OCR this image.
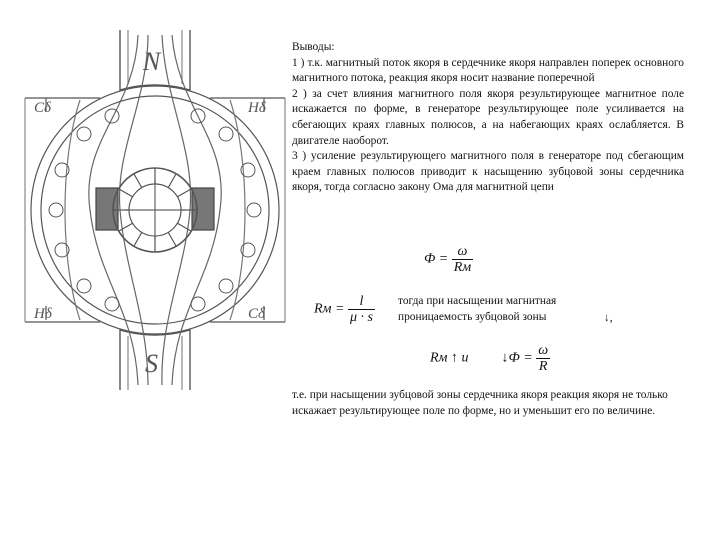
N
S
Сδ	Нδ
Нδ	Сδ

Выводы:

1 ) т.к. магнитный поток якоря в сердечнике якоря направлен поперек основного магнитного потока, реакция якоря носит название поперечной

2 ) за счет влияния магнитного поля якоря результирующее магнитное поле искажается по форме, в генераторе результирующее поле усиливается на сбегающих краях главных полюсов, а на набегающих краях ослабляется. В двигателе наоборот.

3 ) усиление результирующего магнитного поля в генераторе под сбегающим краем главных полюсов приводит к насыщению зубцовой зоны сердечника якоря, тогда согласно закону Ома для магнитной цепи

$Ф = \frac{\omega}{Rм}$
Rм = $\frac{l}{\mu \cdot s}$ тогда при насыщении магнитная проницаемость зубцовой зоны	↓,
Rм ↑ и ↓Ф = $\frac{\omega}{R}$
т.е. при насыщении зубцовой зоны сердечника якоря реакция якоря не только искажает результирующее поле по форме, но и уменьшит его по величине.
